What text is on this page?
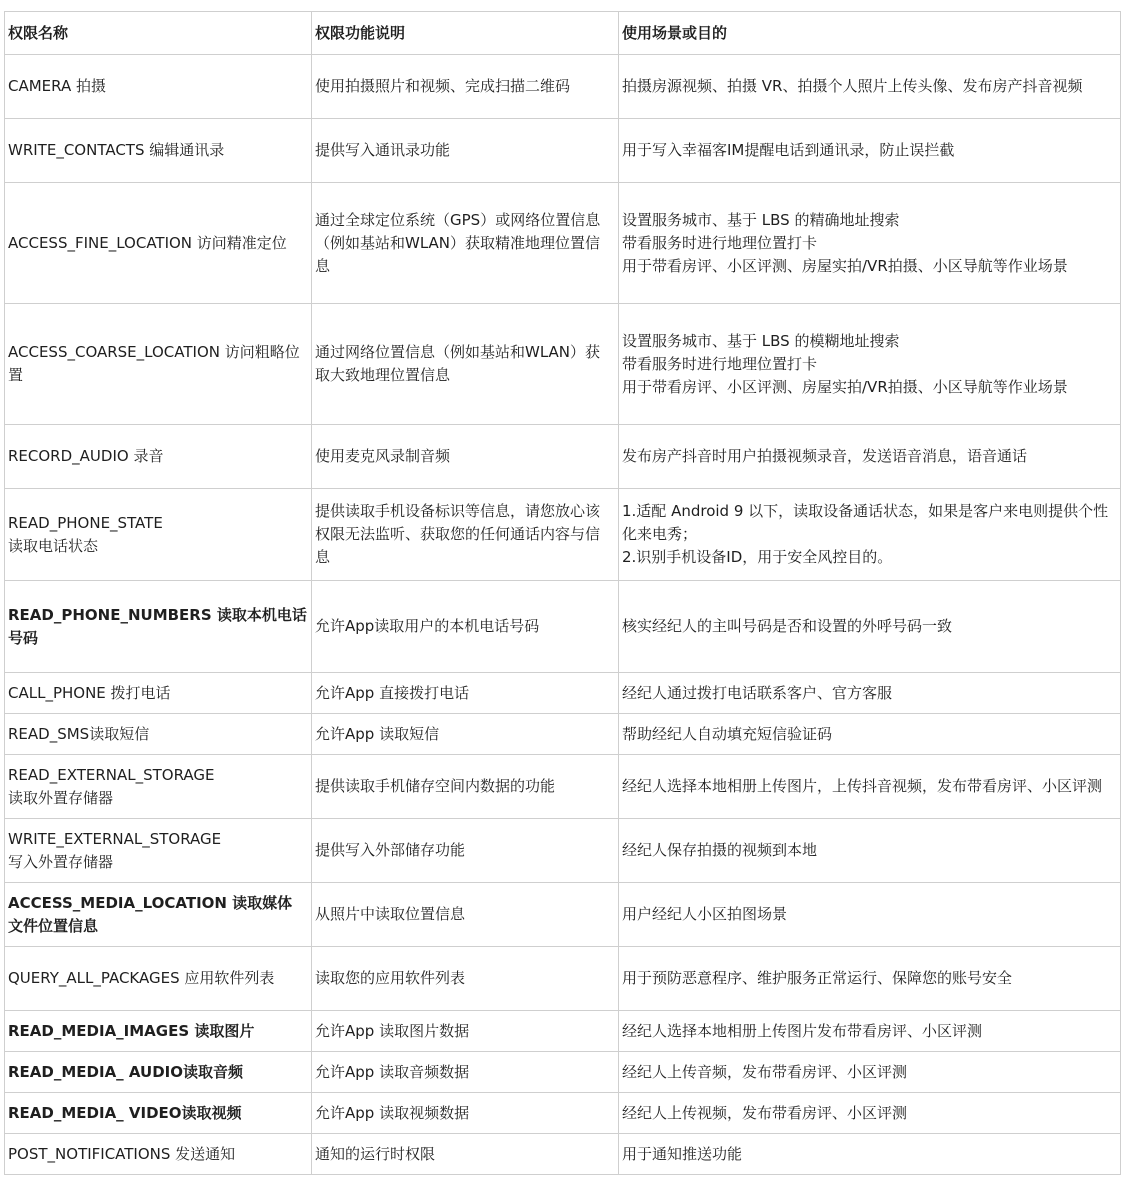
权限名称	权限功能说明	使用场景或目的

CAMERA 拍摄	使用拍摄照片和视频、完成扫描二维码	拍摄房源视频、拍摄 VR、拍摄个人照片上传头像、发布房产抖音视频

WRITE_CONTACTS 编辑通讯录	提供写入通讯录功能	用于写入幸福客IM提醒电话到通讯录，防止误拦截

ACCESS_FINE_LOCATION 访问精准定位	通过全球定位系统（GPS）或网络位置信息（例如基站和WLAN）获取精准地理位置信息	设置服务城市、基于 LBS 的精确地址搜索
带看服务时进行地理位置打卡
用于带看房评、小区评测、房屋实拍/VR拍摄、小区导航等作业场景

ACCESS_COARSE_LOCATION 访问粗略位置	通过网络位置信息（例如基站和WLAN）获取大致地理位置信息	设置服务城市、基于 LBS 的模糊地址搜索
带看服务时进行地理位置打卡
用于带看房评、小区评测、房屋实拍/VR拍摄、小区导航等作业场景

RECORD_AUDIO 录音	使用麦克风录制音频	发布房产抖音时用户拍摄视频录音，发送语音消息，语音通话

READ_PHONE_STATE
读取电话状态	提供读取手机设备标识等信息，请您放心该权限无法监听、获取您的任何通话内容与信息	1.适配 Android 9 以下，读取设备通话状态，如果是客户来电则提供个性化来电秀；
2.识别手机设备ID，用于安全风控目的。

READ_PHONE_NUMBERS 读取本机电话号码	允许App读取用户的本机电话号码	核实经纪人的主叫号码是否和设置的外呼号码一致

CALL_PHONE 拨打电话	允许App 直接拨打电话	经纪人通过拨打电话联系客户、官方客服

READ_SMS读取短信	允许App 读取短信	帮助经纪人自动填充短信验证码

READ_EXTERNAL_STORAGE
读取外置存储器	提供读取手机储存空间内数据的功能	经纪人选择本地相册上传图片，上传抖音视频，发布带看房评、小区评测

WRITE_EXTERNAL_STORAGE
写入外置存储器	提供写入外部储存功能	经纪人保存拍摄的视频到本地

ACCESS_MEDIA_LOCATION 读取媒体文件位置信息	从照片中读取位置信息	用户经纪人小区拍图场景

QUERY_ALL_PACKAGES 应用软件列表	读取您的应用软件列表	用于预防恶意程序、维护服务正常运行、保障您的账号安全

READ_MEDIA_IMAGES 读取图片	允许App 读取图片数据	经纪人选择本地相册上传图片发布带看房评、小区评测

READ_MEDIA_ AUDIO读取音频	允许App 读取音频数据	经纪人上传音频，发布带看房评、小区评测

READ_MEDIA_ VIDEO读取视频	允许App 读取视频数据	经纪人上传视频，发布带看房评、小区评测

POST_NOTIFICATIONS 发送通知	通知的运行时权限	用于通知推送功能
